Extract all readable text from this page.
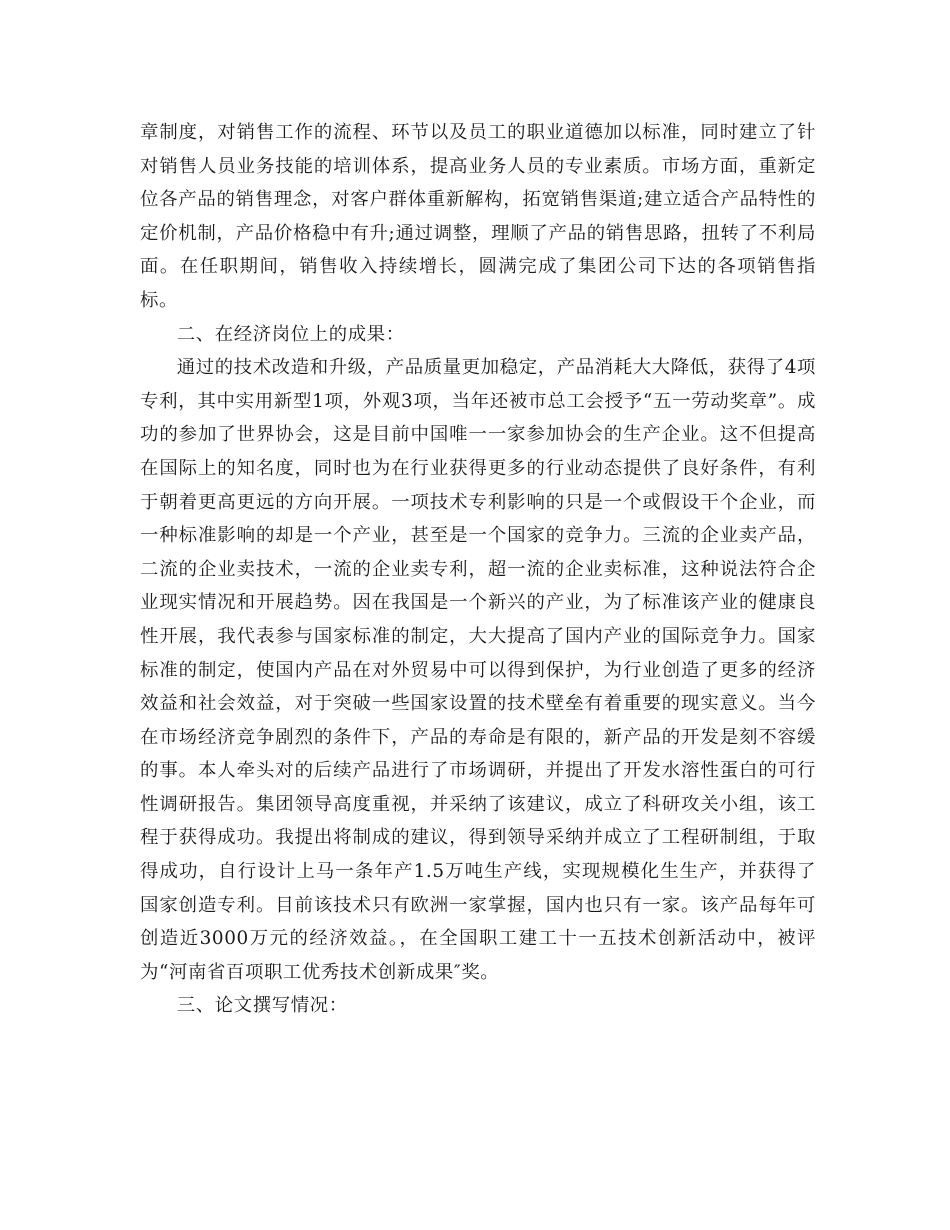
章制度，对销售工作的流程、环节以及员工的职业道德加以标准，同时建立了针对销售人员业务技能的培训体系，提高业务人员的专业素质。市场方面，重新定位各产品的销售理念，对客户群体重新解构，拓宽销售渠道;建立适合产品特性的定价机制，产品价格稳中有升;通过调整，理顺了产品的销售思路，扭转了不利局面。在任职期间，销售收入持续增长，圆满完成了集团公司下达的各项销售指标。

二、在经济岗位上的成果：

通过的技术改造和升级，产品质量更加稳定，产品消耗大大降低，获得了4项专利，其中实用新型1项，外观3项，当年还被市总工会授予“五一劳动奖章”。成功的参加了世界协会，这是目前中国唯一一家参加协会的生产企业。这不但提高在国际上的知名度，同时也为在行业获得更多的行业动态提供了良好条件，有利于朝着更高更远的方向开展。一项技术专利影响的只是一个或假设干个企业，而一种标准影响的却是一个产业，甚至是一个国家的竞争力。三流的企业卖产品，二流的企业卖技术，一流的企业卖专利，超一流的企业卖标准，这种说法符合企业现实情况和开展趋势。因在我国是一个新兴的产业，为了标准该产业的健康良性开展，我代表参与国家标准的制定，大大提高了国内产业的国际竞争力。国家标准的制定，使国内产品在对外贸易中可以得到保护，为行业创造了更多的经济效益和社会效益，对于突破一些国家设置的技术壁垒有着重要的现实意义。当今在市场经济竞争剧烈的条件下，产品的寿命是有限的，新产品的开发是刻不容缓的事。本人牵头对的后续产品进行了市场调研，并提出了开发水溶性蛋白的可行性调研报告。集团领导高度重视，并采纳了该建议，成立了科研攻关小组，该工程于获得成功。我提出将制成的建议，得到领导采纳并成立了工程研制组，于取得成功，自行设计上马一条年产1.5万吨生产线，实现规模化生生产，并获得了国家创造专利。目前该技术只有欧洲一家掌握，国内也只有一家。该产品每年可创造近3000万元的经济效益。，在全国职工建工十一五技术创新活动中，被评为“河南省百项职工优秀技术创新成果″奖。

三、论文撰写情况：
